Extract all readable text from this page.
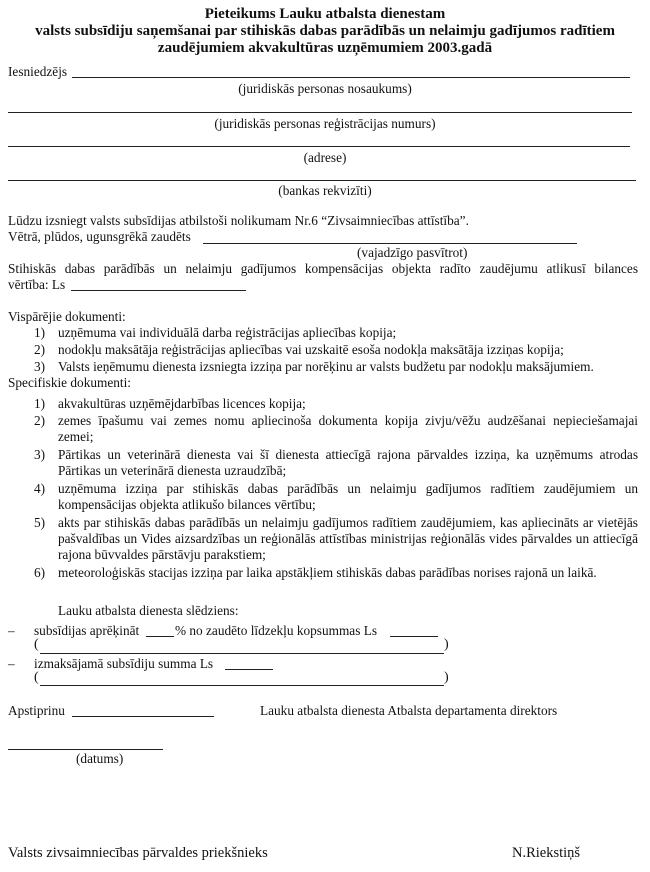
Pieteikums Lauku atbalsta dienestam
valsts subsīdiju saņemšanai par stihiskās dabas parādībās un nelaimju gadījumos radītiem
zaudējumiem akvakultūras uzņēmumiem 2003.gadā
Iesniedzējs
(juridiskās personas nosaukums)
(juridiskās personas reģistrācijas numurs)
(adrese)
(bankas rekvizīti)
Lūdzu izsniegt valsts subsīdijas atbilstoši nolikumam Nr.6 “Zivsaimniecības attīstība”.
Vētrā, plūdos, ugunsgrēkā zaudēts
(vajadzīgo pasvītrot)
Stihiskās dabas parādībās un nelaimju gadījumos kompensācijas objekta radīto zaudējumu atlikusī bilances
vērtība: Ls
Vispārējie dokumenti:
1) uzņēmuma vai individuālā darba reģistrācijas apliecības kopija;
2) nodokļu maksātāja reģistrācijas apliecības vai uzskaitē esoša nodokļa maksātāja izziņas kopija;
3) Valsts ieņēmumu dienesta izsniegta izziņa par norēķinu ar valsts budžetu par nodokļu maksājumiem.
Specifiskie dokumenti:
1) akvakultūras uzņēmējdarbības licences kopija;
2) zemes īpašumu vai zemes nomu apliecinoša dokumenta kopija zivju/vēžu audzēšanai nepieciešamajai zemei;
3) Pārtikas un veterinārā dienesta vai šī dienesta attiecīgā rajona pārvaldes izziņa, ka uzņēmums atrodas Pārtikas un veterinārā dienesta uzraudzībā;
4) uzņēmuma izziņa par stihiskās dabas parādībās un nelaimju gadījumos radītiem zaudējumiem un kompensācijas objekta atlikušo bilances vērtību;
5) akts par stihiskās dabas parādībās un nelaimju gadījumos radītiem zaudējumiem, kas apliecināts ar vietējās pašvaldības un Vides aizsardzības un reģionālās attīstības ministrijas reģionālās vides pārvaldes un attiecīgā rajona būvvaldes pārstāvju parakstiem;
6) meteoroloģiskās stacijas izziņa par laika apstākļiem stihiskās dabas parādības norises rajonā un laikā.
Lauku atbalsta dienesta slēdziens:
– subsīdijas aprēķināt	% no zaudēto līdzekļu kopsummas Ls
(	)
– izmaksājamā subsīdiju summa Ls
(	)
Apstiprinu	Lauku atbalsta dienesta Atbalsta departamenta direktors
(datums)
Valsts zivsaimniecības pārvaldes priekšnieks	N.Riekstiņš
